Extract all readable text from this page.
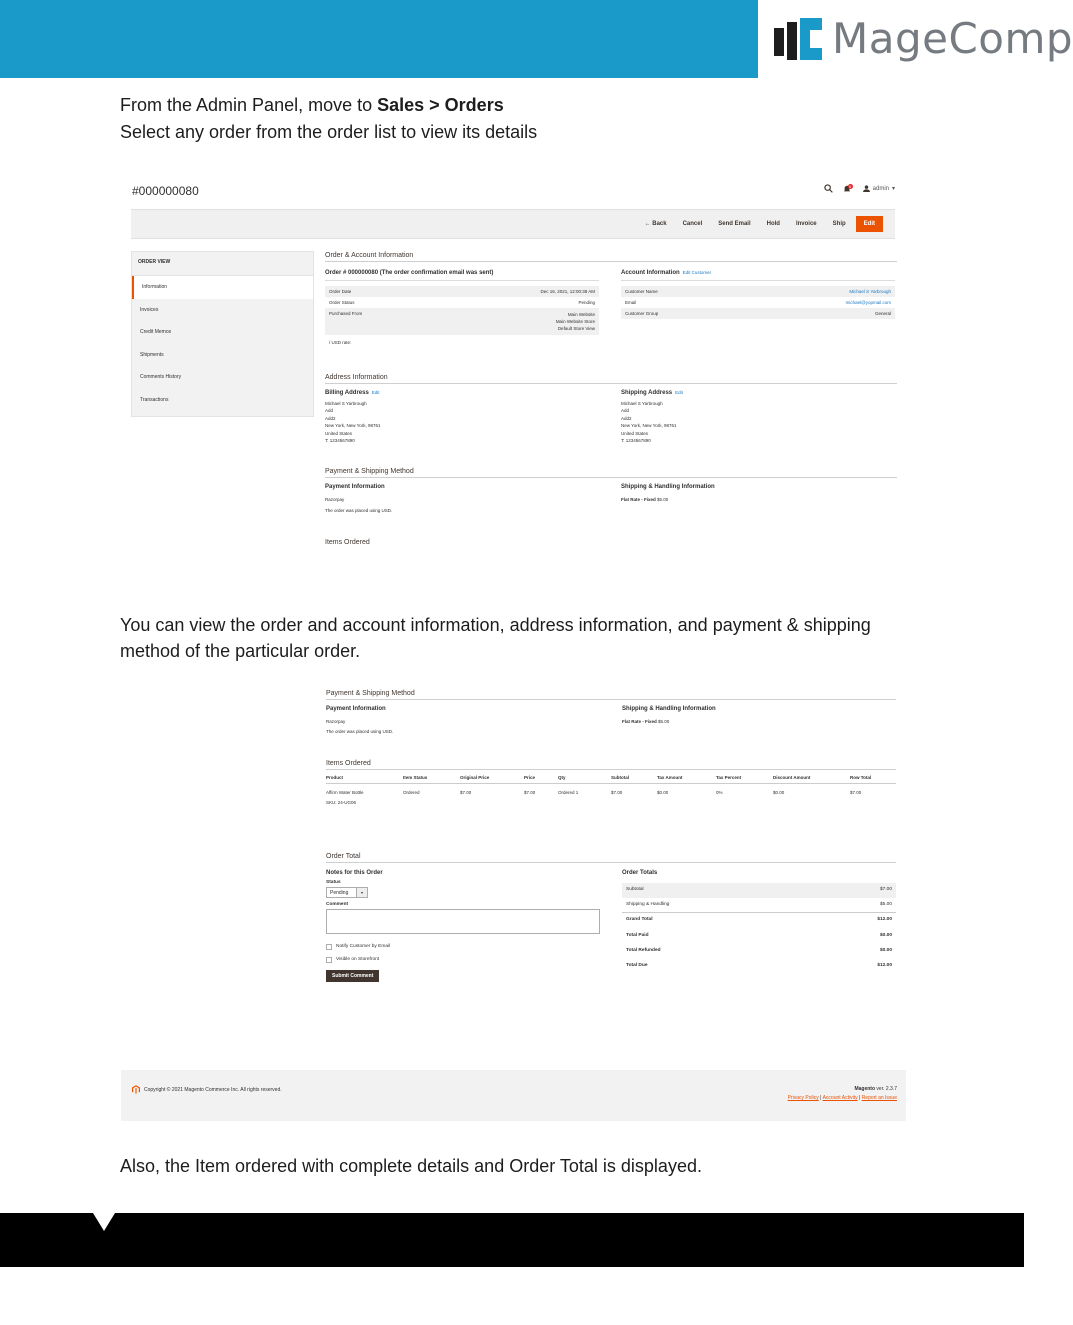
MageComp
From the Admin Panel, move to Sales > Orders
Select any order from the order list to view its details
#000000080	6	admin ▾
← Back	Cancel	Send Email	Hold	Invoice	Ship	Edit
ORDER VIEW
Information
Invoices
Credit Memos
Shipments
Comments History
Transactions
Order & Account Information
Order # 000000080 (The order confirmation email was sent)
Order Date	Dec 16, 2021, 12:00:38 AM
Order Status	Pending
Purchased From	Main Website
Main Website Store
Default Store View
/ USD rate:
Account Information Edit Customer
Customer Name	Michael S Yarbrough
Email	michael@yopmail.com
Customer Group	General
Address Information
Billing Address Edit
Michael S Yarbrough
Add
Add2
New York, New York, 98761
United States
T: 1234567890
Shipping Address Edit
Michael S Yarbrough
Add
Add2
New York, New York, 98761
United States
T: 1234567890
Payment & Shipping Method
Payment Information
Razorpay
The order was placed using USD.
Shipping & Handling Information
Flat Rate - Fixed $5.00
Items Ordered
You can view the order and account information, address information, and payment & shipping method of the particular order.
Payment & Shipping Method
Payment Information
Razorpay
The order was placed using USD.
Shipping & Handling Information
Flat Rate - Fixed $5.00
Items Ordered
Product	Item Status	Original Price	Price	Qty	Subtotal	Tax Amount	Tax Percent	Discount Amount	Row Total
Affirm Water Bottle	Ordered	$7.00	$7.00	Ordered 1	$7.00	$0.00	0%	$0.00	$7.00
SKU: 24-UG06
Order Total
Notes for this Order
Status
Pending	▾
Comment
Notify Customer by Email
Visible on Storefront
Submit Comment
Order Totals
Subtotal	$7.00
Shipping & Handling	$5.00
Grand Total	$12.00
Total Paid	$0.00
Total Refunded	$0.00
Total Due	$12.00
Copyright © 2021 Magento Commerce Inc. All rights reserved.	Magento ver. 2.3.7
Privacy Policy | Account Activity | Report an Issue
Also, the Item ordered with complete details and Order Total is displayed.
